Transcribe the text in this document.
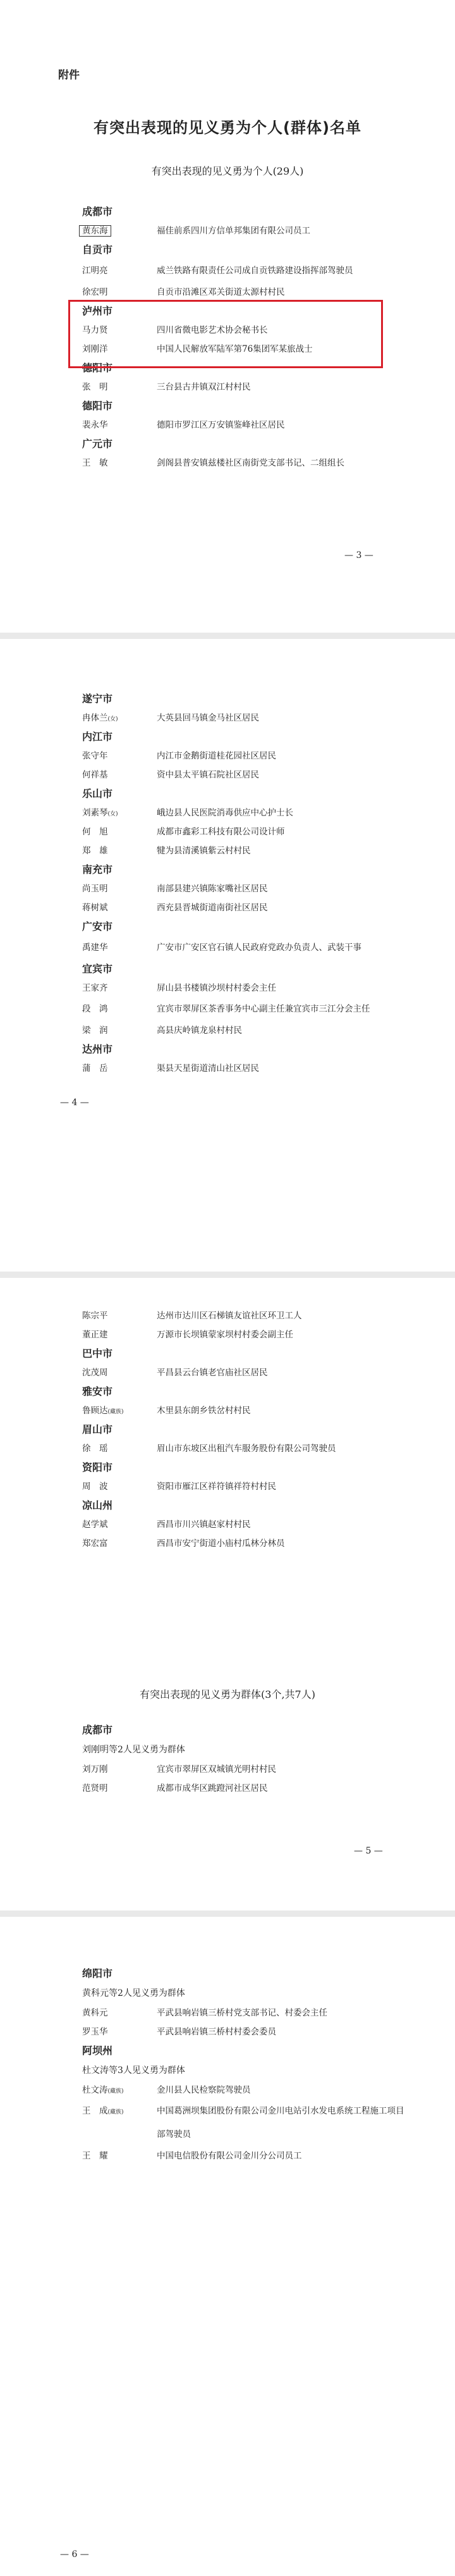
附件
有突出表现的见义勇为个人(群体)名单
有突出表现的见义勇为个人(29人)
成都市
黄东海	福佳前系四川方信单邦集团有限公司员工
自贡市
江明亮	威兰铁路有限责任公司成自贡铁路建设指挥部驾驶员
徐宏明	自贡市沿滩区邓关街道太源村村民
泸州市
马力贤	四川省微电影艺术协会秘书长
刘刚洋	中国人民解放军陆军第76集团军某旅战士
德阳市
张　明	三台县古井镇双江村村民
德阳市
裴永华	德阳市罗江区万安镇鉴峰社区居民
广元市
王　敏	剑阁县普安镇兹楼社区南街党支部书记、二组组长
— 3 —
遂宁市
冉体兰(女)	大英县回马镇金马社区居民
内江市
张守年	内江市金鹅街道桂花园社区居民
何祥基	资中县太平镇石院社区居民
乐山市
刘素琴(女)	峨边县人民医院消毒供应中心护士长
何　旭	成都市鑫彩工科技有限公司设计师
郑　雄	犍为县清溪镇紫云村村民
南充市
尚玉明	南部县建兴镇陈家嘴社区居民
蒋树斌	西充县晋城街道南街社区居民
广安市
禹建华	广安市广安区官石镇人民政府党政办负责人、武装干事
宜宾市
王家齐	屏山县书楼镇沙坝村村委会主任
段　鸿	宜宾市翠屏区茶香事务中心副主任兼宜宾市三江分会主任
梁　润	高县庆岭镇龙泉村村民
达州市
蒲　岳	渠县天星街道清山社区居民
— 4 —
陈宗平	达州市达川区石梯镇友谊社区环卫工人
董正建	万源市长坝镇蒙家坝村村委会副主任
巴中市
沈茂周	平昌县云台镇老官庙社区居民
雅安市
鲁顾达(藏族)	木里县东朗乡铁岔村村民
眉山市
徐　瑶	眉山市东坡区出租汽车服务股份有限公司驾驶员
资阳市
周　波	资阳市雁江区祥符镇祥符村村民
凉山州
赵学斌	西昌市川兴镇赵家村村民
郑宏富	西昌市安宁街道小庙村瓜林分林员
有突出表现的见义勇为群体(3个,共7人)
成都市
刘刚明等2人见义勇为群体
刘万刚	宜宾市翠屏区双城镇光明村村民
范贤明	成都市成华区跳蹬河社区居民
— 5 —
绵阳市
黄科元等2人见义勇为群体
黄科元	平武县响岩镇三桥村党支部书记、村委会主任
罗玉华	平武县响岩镇三桥村村委会委员
阿坝州
杜文涛等3人见义勇为群体
杜文涛(藏族)	金川县人民检察院驾驶员
王　成(藏族)	中国葛洲坝集团股份有限公司金川电站引水发电系统工程施工项目部驾驶员
王　耀	中国电信股份有限公司金川分公司员工
— 6 —
